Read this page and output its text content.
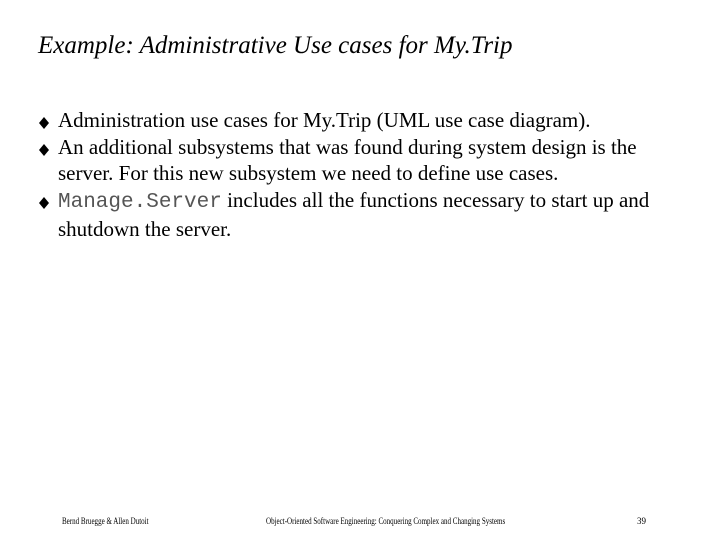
Example: Administrative Use cases for My.Trip
Administration use cases for My.Trip (UML use case diagram).
An additional subsystems that was found during system design is the server. For this new subsystem we need to define use cases.
Manage.Server includes all the functions necessary to start up and shutdown the server.
Bernd Bruegge & Allen Dutoit	Object-Oriented Software Engineering: Conquering Complex and Changing Systems	39
